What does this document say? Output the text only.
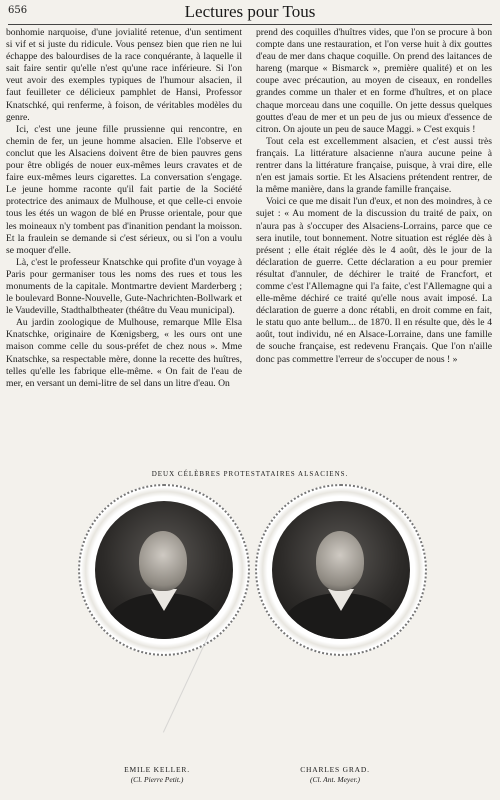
656	Lectures pour Tous

bonhomie narquoise, d'une jovialité retenue, d'un sentiment si vif et si juste du ridicule. Vous pensez bien que rien ne lui échappe des balourdises de la race conquérante, à laquelle il sait faire sentir qu'elle n'est qu'une race inférieure. Si l'on veut avoir des exemples typiques de l'humour alsacien, il faut feuilleter ce délicieux pamphlet de Hansi, Professor Knatschké, qui renferme, à foison, de véritables modèles du genre.

Ici, c'est une jeune fille prussienne qui rencontre, en chemin de fer, un jeune homme alsacien. Elle l'observe et conclut que les Alsaciens doivent être de bien pauvres gens pour être obligés de nouer eux-mêmes leurs cravates et de faire eux-mêmes leurs cigarettes. La conversation s'engage. Le jeune homme raconte qu'il fait partie de la Société protectrice des animaux de Mulhouse, et que celle-ci envoie tous les étés un wagon de blé en Prusse orientale, pour que les moineaux n'y tombent pas d'inanition pendant la moisson. Et la fraulein se demande si c'est sérieux, ou si l'on a voulu se moquer d'elle.

Là, c'est le professeur Knatschke qui profite d'un voyage à Paris pour germaniser tous les noms des rues et tous les monuments de la capitale. Montmartre devient Marderberg ; le boulevard Bonne-Nouvelle, Gute-Nachrichten-Bollwark et le Vaudeville, Stadthalbtheater (théâtre du Veau municipal).

Au jardin zoologique de Mulhouse, remarque Mlle Elsa Knatschke, originaire de Kœnigsberg, « les ours ont une maison comme celle du sous-préfet de chez nous ». Mme Knatschke, sa respectable mère, donne la recette des huîtres, telles qu'elle les fabrique elle-même. « On fait de l'eau de mer, en versant un demi-litre de sel dans un litre d'eau. On

prend des coquilles d'huîtres vides, que l'on se procure à bon compte dans une restauration, et l'on verse huit à dix gouttes d'eau de mer dans chaque coquille. On prend des laitances de hareng (marque « Bismarck », première qualité) et on les coupe avec précaution, au moyen de ciseaux, en rondelles grandes comme un thaler et en forme d'huîtres, et on place chaque morceau dans une coquille. On jette dessus quelques gouttes d'eau de mer et un peu de jus ou mieux d'essence de citron. On ajoute un peu de sauce Maggi. » C'est exquis !

Tout cela est excellemment alsacien, et c'est aussi très français. La littérature alsacienne n'aura aucune peine à rentrer dans la littérature française, puisque, à vrai dire, elle n'en est jamais sortie. Et les Alsaciens prétendent rentrer, de la même manière, dans la grande famille française.

Voici ce que me disait l'un d'eux, et non des moindres, à ce sujet : « Au moment de la discussion du traité de paix, on n'aura pas à s'occuper des Alsaciens-Lorrains, parce que ce sera inutile, tout bonnement. Notre situation est réglée dès à présent ; elle était réglée dès le 4 août, dès le jour de la déclaration de guerre. Cette déclaration a eu pour premier résultat d'annuler, de déchirer le traité de Francfort, et comme c'est l'Allemagne qui l'a faite, c'est l'Allemagne qui a elle-même déchiré ce traité qu'elle nous avait imposé. La déclaration de guerre a donc rétabli, en droit comme en fait, le statu quo ante bellum... de 1870. Il en résulte que, dès le 4 août, tout individu, né en Alsace-Lorraine, dans une famille de souche française, est redevenu Français. Que l'on n'aille donc pas commettre l'erreur de s'occuper de nous ! »

DEUX CÉLÈBRES PROTESTATAIRES ALSACIENS.
EMILE KELLER.
(Cl. Pierre Petit.)
CHARLES GRAD.
(Cl. Ant. Meyer.)
